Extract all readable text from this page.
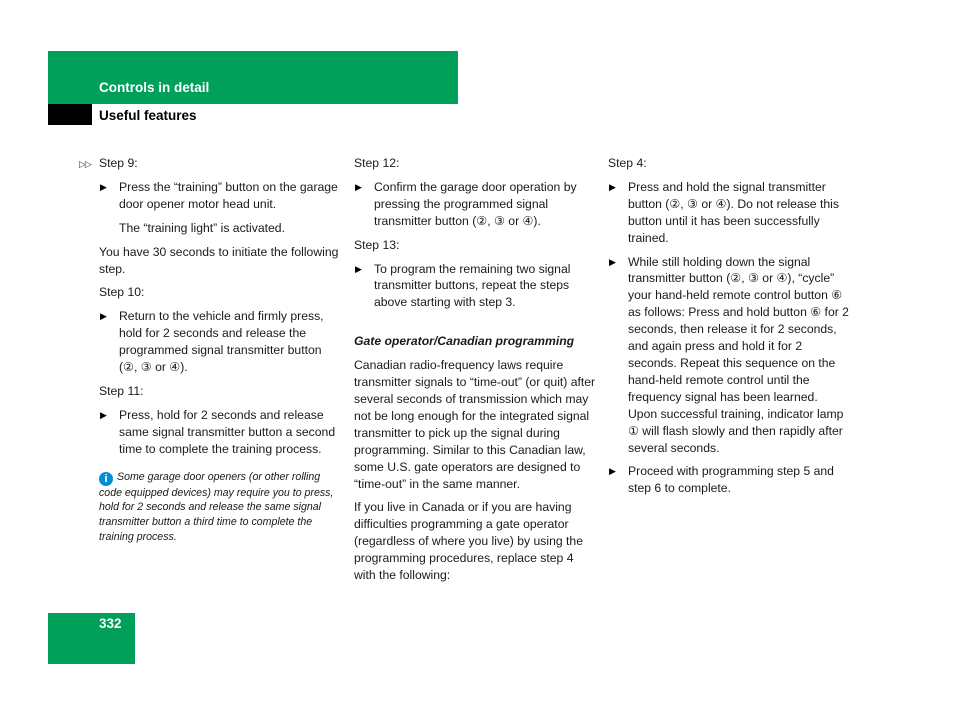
Controls in detail
Useful features

▷▷ Step 9:

▶ Press the “training” button on the garage door opener motor head unit.

The “training light” is activated.

You have 30 seconds to initiate the following step.

Step 10:

▶ Return to the vehicle and firmly press, hold for 2 seconds and release the programmed signal transmitter button (②, ③ or ④).

Step 11:

▶ Press, hold for 2 seconds and release same signal transmitter button a second time to complete the training process.

i Some garage door openers (or other rolling code equipped devices) may require you to press, hold for 2 seconds and release the same signal transmitter button a third time to complete the training process.

Step 12:

▶ Confirm the garage door operation by pressing the programmed signal transmitter button (②, ③ or ④).

Step 13:

▶ To program the remaining two signal transmitter buttons, repeat the steps above starting with step 3.

Gate operator/Canadian programming

Canadian radio-frequency laws require transmitter signals to “time-out” (or quit) after several seconds of transmission which may not be long enough for the integrated signal transmitter to pick up the signal during programming. Similar to this Canadian law, some U.S. gate operators are designed to “time-out” in the same manner.

If you live in Canada or if you are having difficulties programming a gate operator (regardless of where you live) by using the programming procedures, replace step 4 with the following:

Step 4:

▶ Press and hold the signal transmitter button (②, ③ or ④). Do not release this button until it has been successfully trained.

▶ While still holding down the signal transmitter button (②, ③ or ④), “cycle” your hand-held remote control button ⑥ as follows: Press and hold button ⑥ for 2 seconds, then release it for 2 seconds, and again press and hold it for 2 seconds. Repeat this sequence on the hand-held remote control until the frequency signal has been learned. Upon successful training, indicator lamp ① will flash slowly and then rapidly after several seconds.

▶ Proceed with programming step 5 and step 6 to complete.

332
